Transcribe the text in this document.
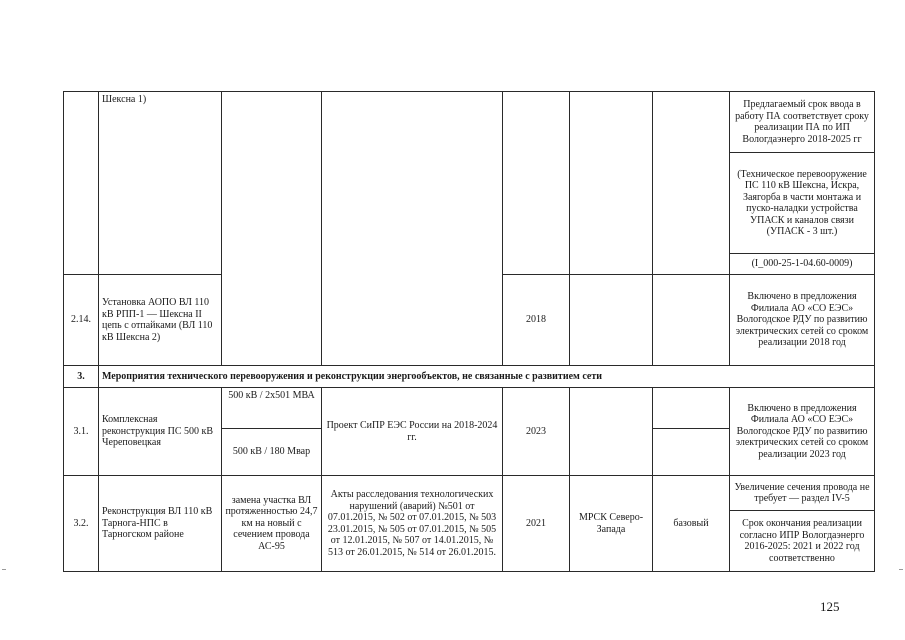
	Шексна 1)						Предлагаемый срок ввода в работу ПА соответствует сроку реализации ПА по ИП Вологдаэнерго 2018-2025 гг
							(Техническое перевооружение ПС 110 кВ Шексна, Искра, Заягорба в части монтажа и пуско-наладки устройства УПАСК и каналов связи (УПАСК - 3 шт.)
							(I_000-25-1-04.60-0009)
2.14.	Установка АОПО ВЛ 110 кВ РПП-1 — Шексна II цепь с отпайками (ВЛ 110 кВ Шексна 2)			2018			Включено в предложения Филиала АО «СО ЕЭС» Вологодское РДУ по развитию электрических сетей со сроком реализации 2018 год
3.	Мероприятия технического перевооружения и реконструкции энергообъектов, не связанные с развитием сети						
3.1.	Комплексная реконструкция ПС 500 кВ Череповецкая	500 кВ / 2х501 МВА	Проект СиПР ЕЭС России на 2018-2024 гг.	2023			Включено в предложения Филиала АО «СО ЕЭС» Вологодское РДУ по развитию электрических сетей со сроком реализации 2023 год
		500 кВ / 180 Мвар					
3.2.	Реконструкция ВЛ 110 кВ Тарнога-НПС в Тарногском районе	замена участка ВЛ протяженностью 24,7 км на новый с сечением провода АС-95	Акты расследования технологических нарушений (аварий) №501 от 07.01.2015, № 502 от 07.01.2015, № 503 23.01.2015, № 505 от 07.01.2015, № 505 от 12.01.2015, № 507 от 14.01.2015, № 513 от 26.01.2015, № 514 от 26.01.2015.	2021	МРСК Северо-Запада	базовый	Увеличение сечения провода не требует — раздел IV-5
							Срок окончания реализации согласно ИПР Вологдаэнерго 2016-2025: 2021 и 2022 год соответственно
125
